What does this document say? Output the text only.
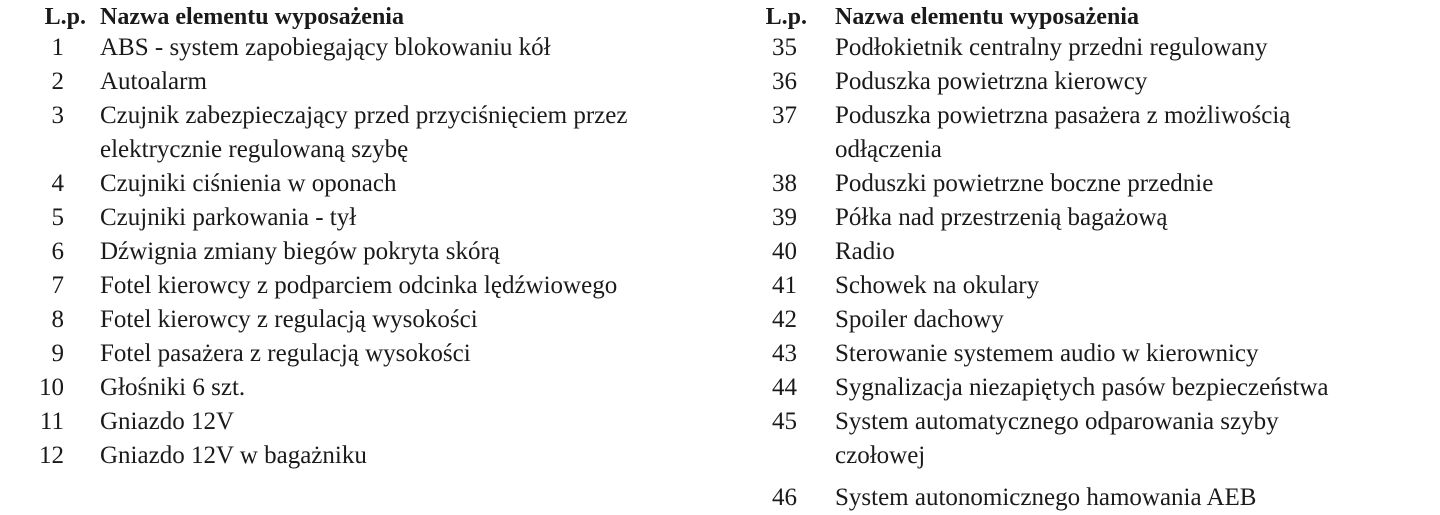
L.p. Nazwa elementu wyposażenia
1 ABS - system zapobiegający blokowaniu kół
2 Autoalarm
3 Czujnik zabezpieczający przed przyciśnięciem przez
elektrycznie regulowaną szybę
4 Czujniki ciśnienia w oponach
5 Czujniki parkowania - tył
6 Dźwignia zmiany biegów pokryta skórą
7 Fotel kierowcy z podparciem odcinka lędźwiowego
8 Fotel kierowcy z regulacją wysokości
9 Fotel pasażera z regulacją wysokości
10 Głośniki 6 szt.
11 Gniazdo 12V
12 Gniazdo 12V w bagażniku
L.p. Nazwa elementu wyposażenia
35 Podłokietnik centralny przedni regulowany
36 Poduszka powietrzna kierowcy
37 Poduszka powietrzna pasażera z możliwością
odłączenia
38 Poduszki powietrzne boczne przednie
39 Półka nad przestrzenią bagażową
40 Radio
41 Schowek na okulary
42 Spoiler dachowy
43 Sterowanie systemem audio w kierownicy
44 Sygnalizacja niezapiętych pasów bezpieczeństwa
45 System automatycznego odparowania szyby
czołowej
46 System autonomicznego hamowania AEB
